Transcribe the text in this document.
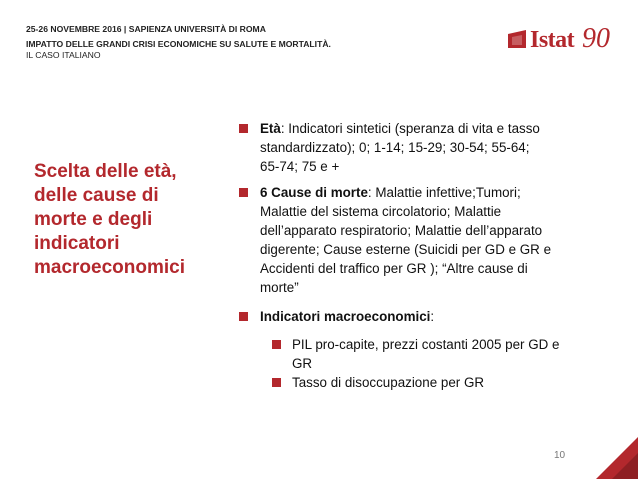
25-26 NOVEMBRE 2016 | SAPIENZA UNIVERSITÀ DI ROMA
IMPATTO DELLE GRANDI CRISI ECONOMICHE SU SALUTE E MORTALITÀ.
IL CASO ITALIANO
Istat 90
Scelta delle età,
delle cause di
morte e degli
indicatori
macroeconomici
Età: Indicatori sintetici (speranza di vita e tasso
standardizzato); 0; 1-14; 15-29; 30-54; 55-64;
65-74; 75 e +
6 Cause di morte: Malattie infettive;Tumori;
Malattie del sistema circolatorio; Malattie
dell’apparato respiratorio; Malattie dell’apparato
digerente; Cause esterne (Suicidi per GD e GR e
Accidenti del traffico per GR ); “Altre cause di
morte”
Indicatori macroeconomici:
PIL pro-capite, prezzi costanti 2005 per GD e
GR
Tasso di disoccupazione per GR
10
